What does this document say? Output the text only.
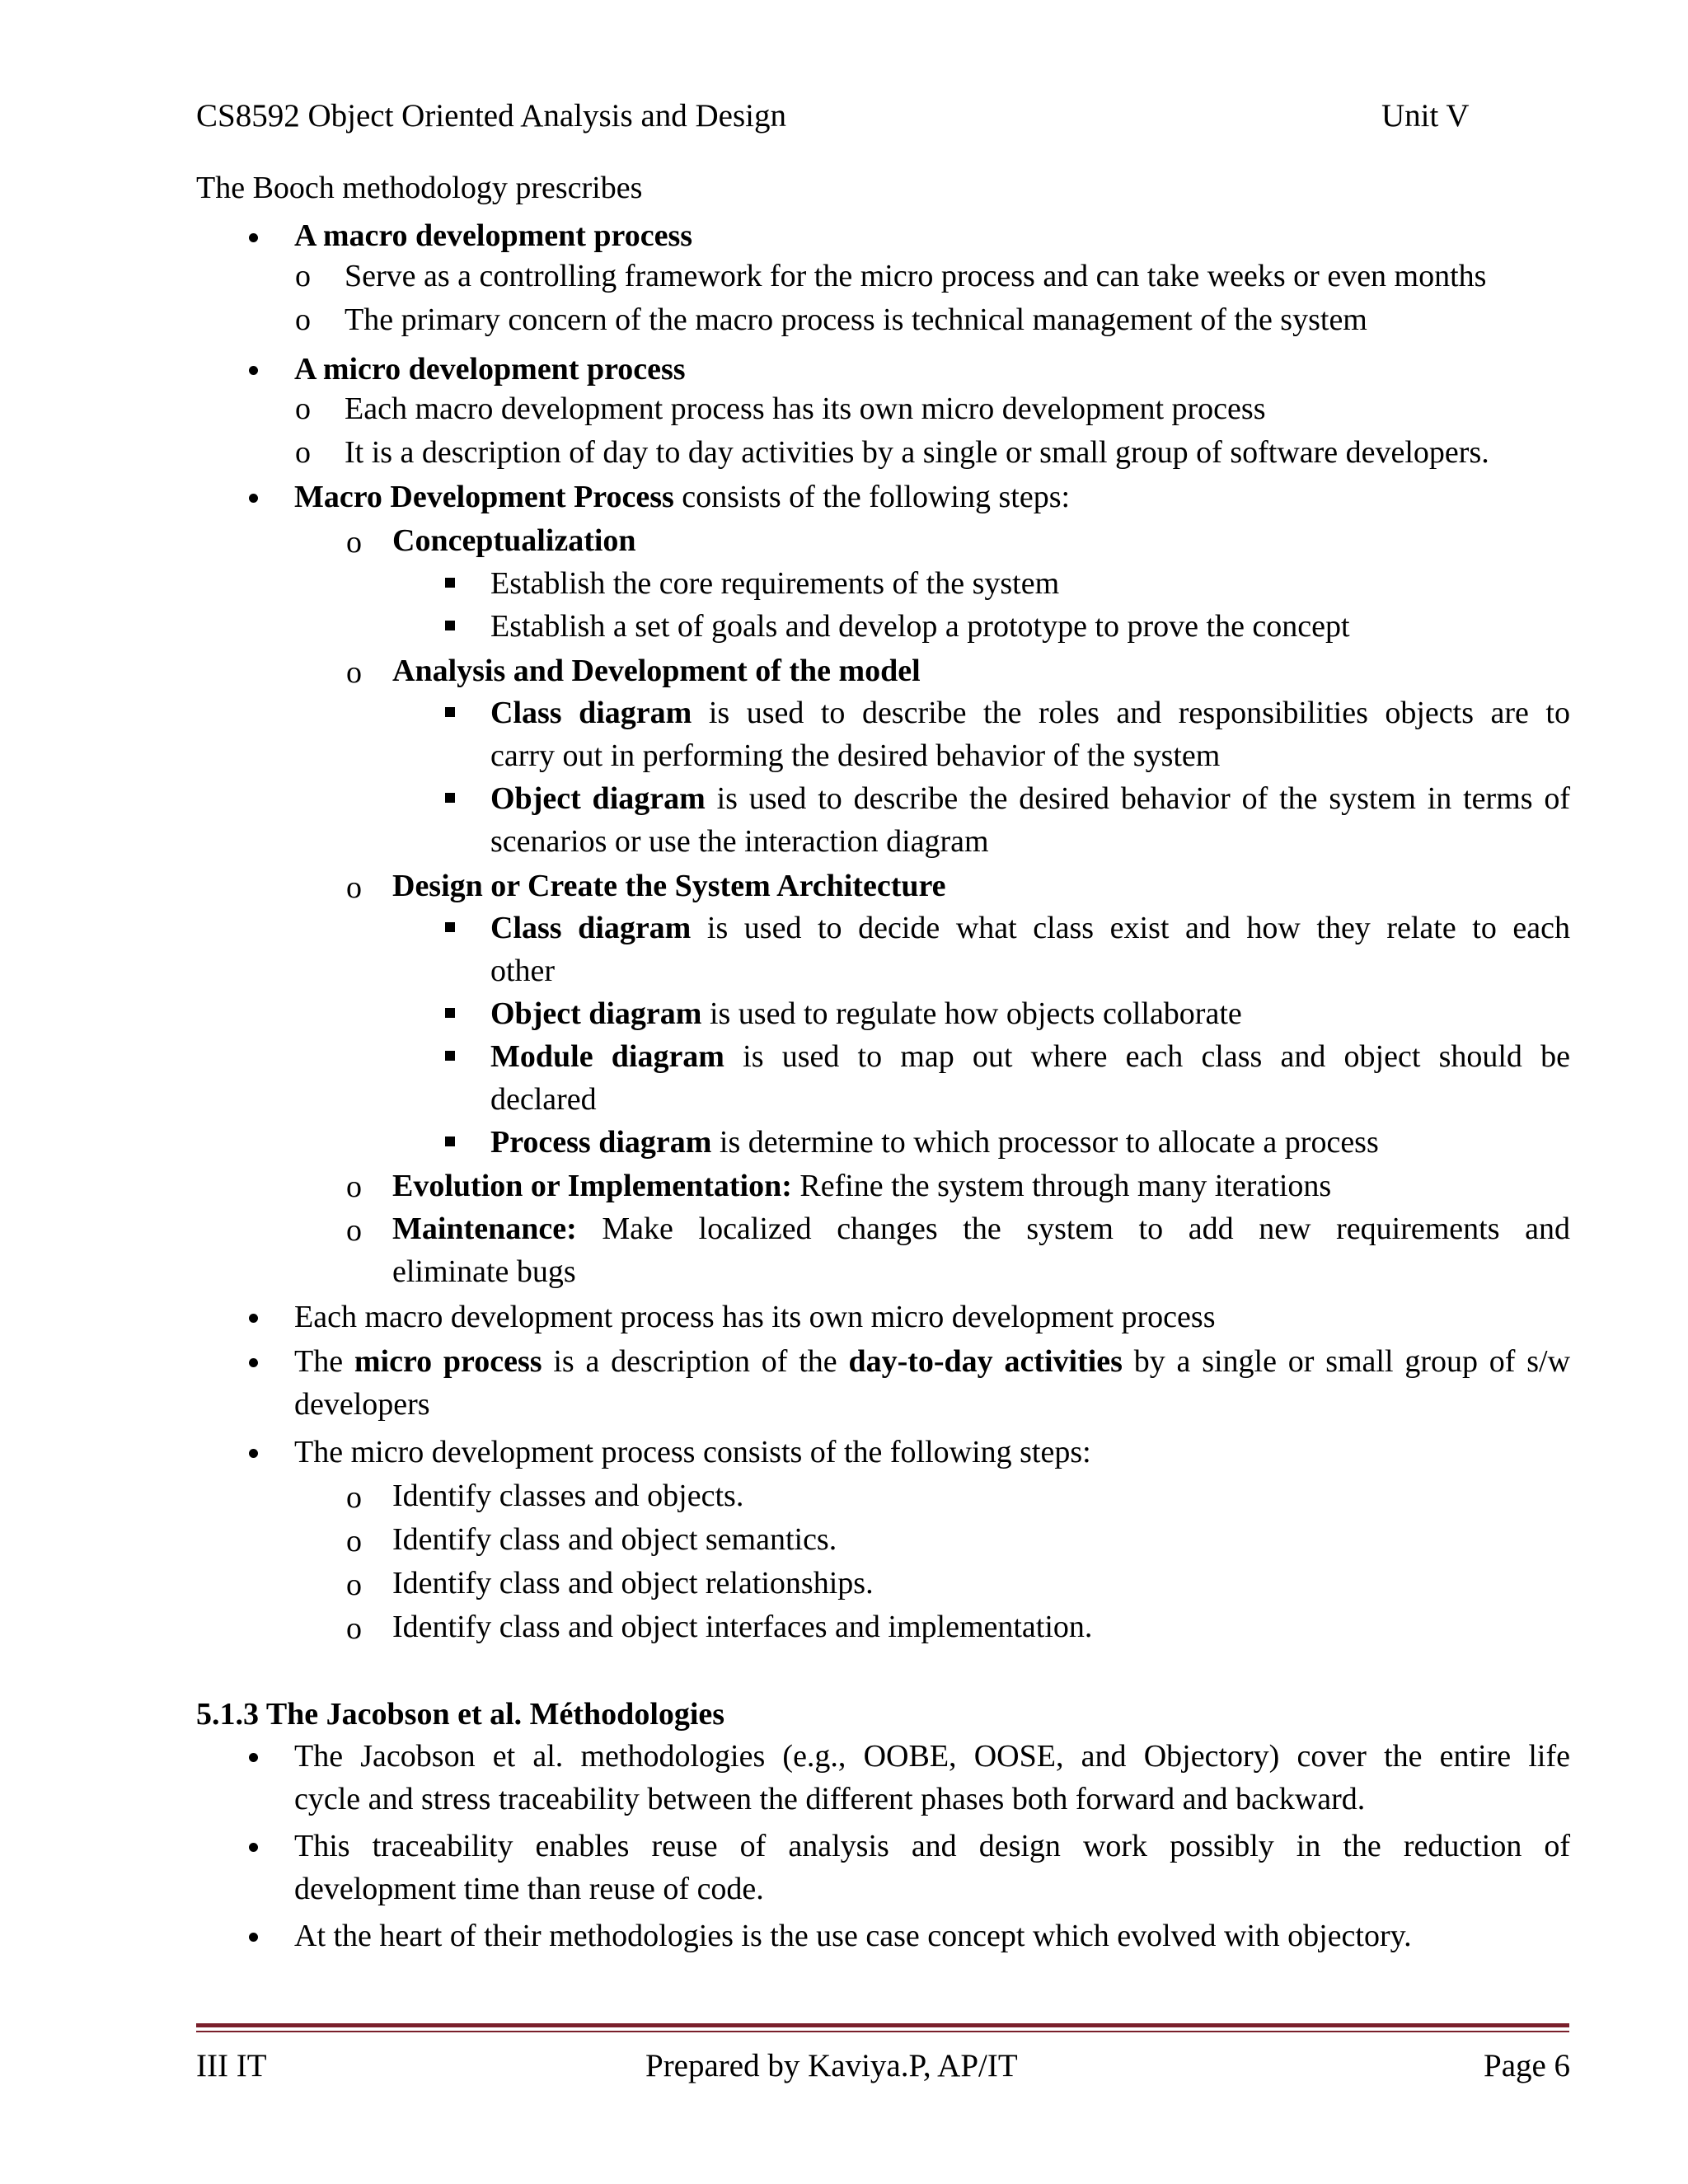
CS8592 Object Oriented Analysis and Design	Unit V
The Booch methodology prescribes
A macro development process
o Serve as a controlling framework for the micro process and can take weeks or even months
o The primary concern of the macro process is technical management of the system
A micro development process
o Each macro development process has its own micro development process
o It is a description of day to day activities by a single or small group of software developers.
Macro Development Process consists of the following steps:
o Conceptualization
Establish the core requirements of the system
Establish a set of goals and develop a prototype to prove the concept
o Analysis and Development of the model
Class diagram is used to describe the roles and responsibilities objects are to
carry out in performing the desired behavior of the system
Object diagram is used to describe the desired behavior of the system in terms of
scenarios or use the interaction diagram
o Design or Create the System Architecture
Class diagram is used to decide what class exist and how they relate to each
other
Object diagram is used to regulate how objects collaborate
Module diagram is used to map out where each class and object should be
declared
Process diagram is determine to which processor to allocate a process
o Evolution or Implementation: Refine the system through many iterations
o Maintenance: Make localized changes the system to add new requirements and
eliminate bugs
Each macro development process has its own micro development process
The micro process is a description of the day-to-day activities by a single or small group of s/w
developers
The micro development process consists of the following steps:
o Identify classes and objects.
o Identify class and object semantics.
o Identify class and object relationships.
o Identify class and object interfaces and implementation.
5.1.3 The Jacobson et al. Méthodologies
The Jacobson et al. methodologies (e.g., OOBE, OOSE, and Objectory) cover the entire life
cycle and stress traceability between the different phases both forward and backward.
This traceability enables reuse of analysis and design work possibly in the reduction of
development time than reuse of code.
At the heart of their methodologies is the use case concept which evolved with objectory.
III IT	Prepared by Kaviya.P, AP/IT	Page 6
